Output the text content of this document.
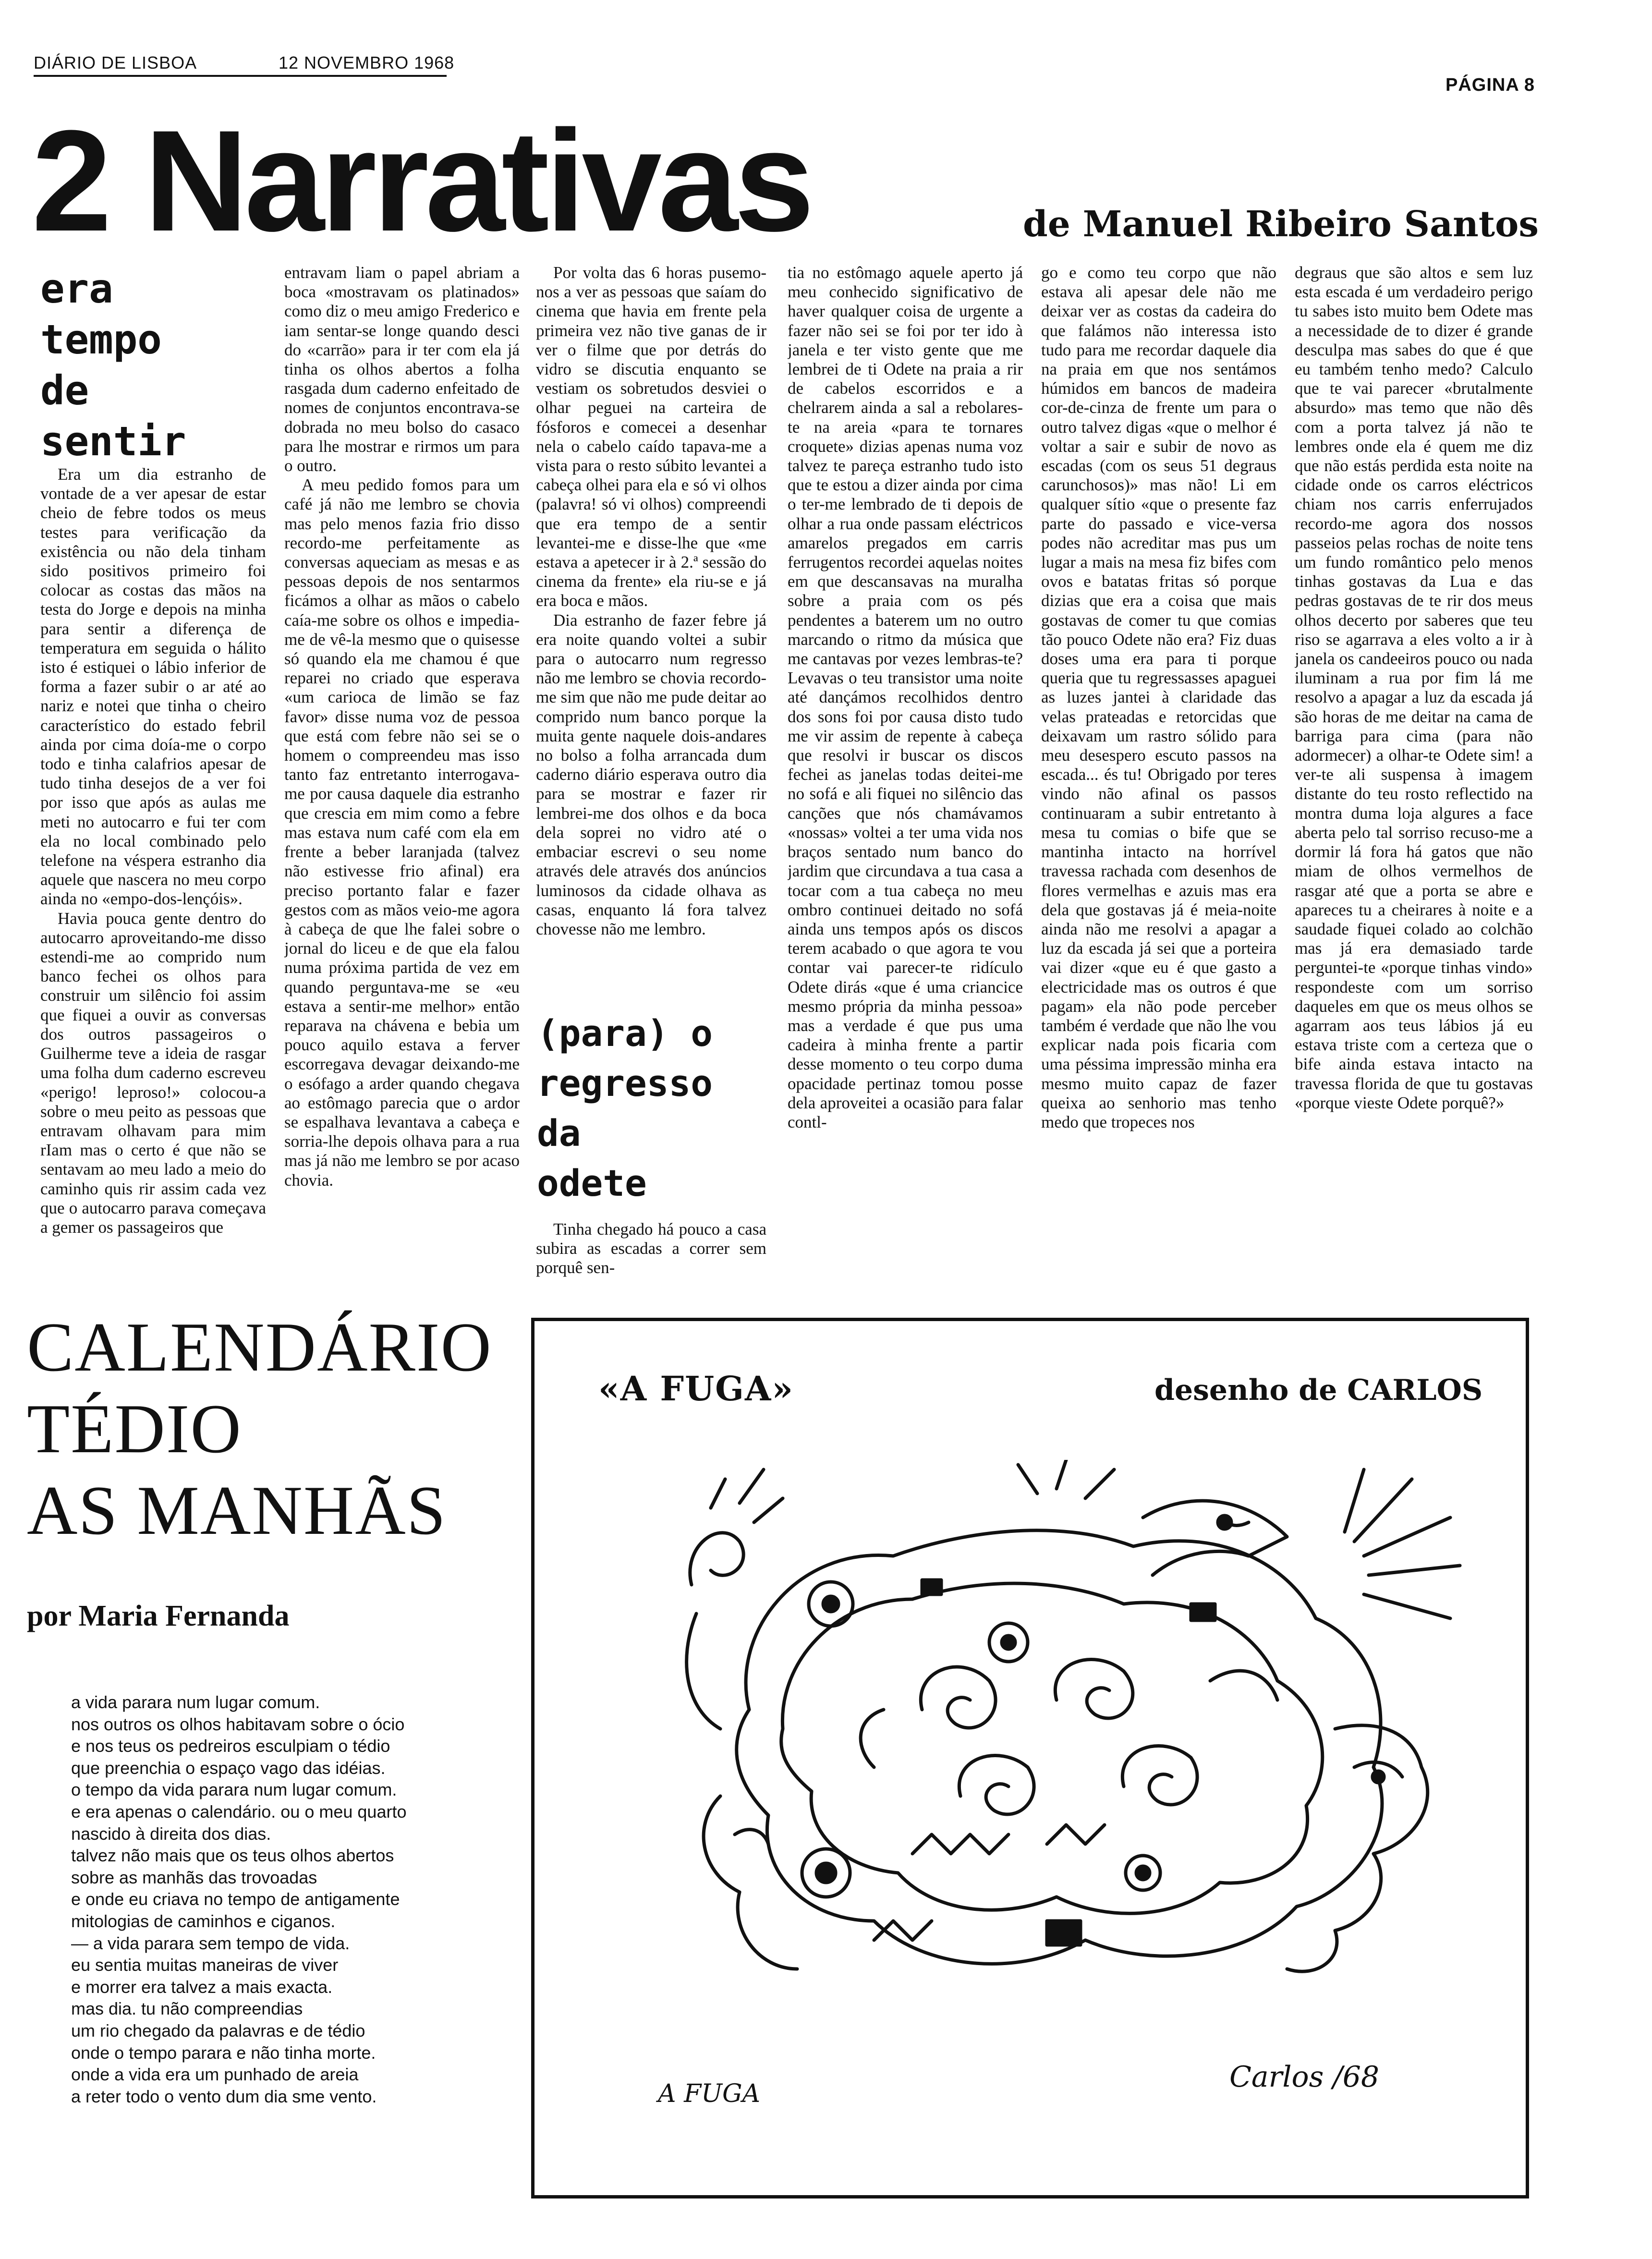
DIÁRIO DE LISBOA	12 NOVEMBRO 1968
PÁGINA 8
2 Narrativas	de Manuel Ribeiro Santos
era
tempo
de
sentir

Era um dia estranho de vontade de a ver apesar de estar cheio de febre todos os meus testes para verificação da existência ou não dela tinham sido positivos primeiro foi colocar as costas das mãos na testa do Jorge e depois na minha para sentir a diferença de temperatura em seguida o hálito isto é estiquei o lábio inferior de forma a fazer subir o ar até ao nariz e notei que tinha o cheiro característico do estado febril ainda por cima doía-me o corpo todo e tinha calafrios apesar de tudo tinha desejos de a ver foi por isso que após as aulas me meti no autocarro e fui ter com ela no local combinado pelo telefone na véspera estranho dia aquele que nascera no meu corpo ainda no «empo-dos-lençóis».

Havia pouca gente dentro do autocarro aproveitando-me disso estendi-me ao comprido num banco fechei os olhos para construir um silêncio foi assim que fiquei a ouvir as conversas dos outros passageiros o Guilherme teve a ideia de rasgar uma folha dum caderno escreveu «perigo! leproso!» colocou-a sobre o meu peito as pessoas que entravam olhavam para mim rIam mas o certo é que não se sentavam ao meu lado a meio do caminho quis rir assim cada vez que o autocarro parava começava a gemer os passageiros que

entravam liam o papel abriam a boca «mostravam os platinados» como diz o meu amigo Frederico e iam sentar-se longe quando desci do «carrão» para ir ter com ela já tinha os olhos abertos a folha rasgada dum caderno enfeitado de nomes de conjuntos encontrava-se dobrada no meu bolso do casaco para lhe mostrar e rirmos um para o outro.

A meu pedido fomos para um café já não me lembro se chovia mas pelo menos fazia frio disso recordo-me perfeitamente as conversas aqueciam as mesas e as pessoas depois de nos sentarmos ficámos a olhar as mãos o cabelo caía-me sobre os olhos e impedia-me de vê-la mesmo que o quisesse só quando ela me chamou é que reparei no criado que esperava «um carioca de limão se faz favor» disse numa voz de pessoa que está com febre não sei se o homem o compreendeu mas isso tanto faz entretanto interrogava-me por causa daquele dia estranho que crescia em mim como a febre mas estava num café com ela em frente a beber laranjada (talvez não estivesse frio afinal) era preciso portanto falar e fazer gestos com as mãos veio-me agora à cabeça de que lhe falei sobre o jornal do liceu e de que ela falou numa próxima partida de vez em quando perguntava-me se «eu estava a sentir-me melhor» então reparava na chávena e bebia um pouco aquilo estava a ferver escorregava devagar deixando-me o esófago a arder quando chegava ao estômago parecia que o ardor se espalhava levantava a cabeça e sorria-lhe depois olhava para a rua mas já não me lembro se por acaso chovia.

Por volta das 6 horas pusemo-nos a ver as pessoas que saíam do cinema que havia em frente pela primeira vez não tive ganas de ir ver o filme que por detrás do vidro se discutia enquanto se vestiam os sobretudos desviei o olhar peguei na carteira de fósforos e comecei a desenhar nela o cabelo caído tapava-me a vista para o resto súbito levantei a cabeça olhei para ela e só vi olhos (palavra! só vi olhos) compreendi que era tempo de a sentir levantei-me e disse-lhe que «me estava a apetecer ir à 2.ª sessão do cinema da frente» ela riu-se e já era boca e mãos.

Dia estranho de fazer febre já era noite quando voltei a subir para o autocarro num regresso não me lembro se chovia recordo-me sim que não me pude deitar ao comprido num banco porque la muita gente naquele dois-andares no bolso a folha arrancada dum caderno diário esperava outro dia para se mostrar e fazer rir lembrei-me dos olhos e da boca dela soprei no vidro até o embaciar escrevi o seu nome através dele através dos anúncios luminosos da cidade olhava as casas, enquanto lá fora talvez chovesse não me lembro.

(para) o
regresso
da
odete

Tinha chegado há pouco a casa subira as escadas a correr sem porquê sen-

tia no estômago aquele aperto já meu conhecido significativo de haver qualquer coisa de urgente a fazer não sei se foi por ter ido à janela e ter visto gente que me lembrei de ti Odete na praia a rir de cabelos escorridos e a chelrarem ainda a sal a rebolares-te na areia «para te tornares croquete» dizias apenas numa voz talvez te pareça estranho tudo isto que te estou a dizer ainda por cima o ter-me lembrado de ti depois de olhar a rua onde passam eléctricos amarelos pregados em carris ferrugentos recordei aquelas noites em que descansavas na muralha sobre a praia com os pés pendentes a baterem um no outro marcando o ritmo da música que me cantavas por vezes lembras-te? Levavas o teu transistor uma noite até dançámos recolhidos dentro dos sons foi por causa disto tudo me vir assim de repente à cabeça que resolvi ir buscar os discos fechei as janelas todas deitei-me no sofá e ali fiquei no silêncio das canções que nós chamávamos «nossas» voltei a ter uma vida nos braços sentado num banco do jardim que circundava a tua casa a tocar com a tua cabeça no meu ombro continuei deitado no sofá ainda uns tempos após os discos terem acabado o que agora te vou contar vai parecer-te ridículo Odete dirás «que é uma criancice mesmo própria da minha pessoa» mas a verdade é que pus uma cadeira à minha frente a partir desse momento o teu corpo duma opacidade pertinaz tomou posse dela aproveitei a ocasião para falar contl-

go e como teu corpo que não estava ali apesar dele não me deixar ver as costas da cadeira do que falámos não interessa isto tudo para me recordar daquele dia na praia em que nos sentámos húmidos em bancos de madeira cor-de-cinza de frente um para o outro talvez digas «que o melhor é voltar a sair e subir de novo as escadas (com os seus 51 degraus carunchosos)» mas não! Li em qualquer sítio «que o presente faz parte do passado e vice-versa podes não acreditar mas pus um lugar a mais na mesa fiz bifes com ovos e batatas fritas só porque dizias que era a coisa que mais gostavas de comer tu que comias tão pouco Odete não era? Fiz duas doses uma era para ti porque queria que tu regressasses apaguei as luzes jantei à claridade das velas prateadas e retorcidas que deixavam um rastro sólido para meu desespero escuto passos na escada... és tu! Obrigado por teres vindo não afinal os passos continuaram a subir entretanto à mesa tu comias o bife que se mantinha intacto na horrível travessa rachada com desenhos de flores vermelhas e azuis mas era dela que gostavas já é meia-noite ainda não me resolvi a apagar a luz da escada já sei que a porteira vai dizer «que eu é que gasto a electricidade mas os outros é que pagam» ela não pode perceber também é verdade que não lhe vou explicar nada pois ficaria com uma péssima impressão minha era mesmo muito capaz de fazer queixa ao senhorio mas tenho medo que tropeces nos

degraus que são altos e sem luz esta escada é um verdadeiro perigo tu sabes isto muito bem Odete mas a necessidade de to dizer é grande desculpa mas sabes do que é que eu também tenho medo? Calculo que te vai parecer «brutalmente absurdo» mas temo que não dês com a porta talvez já não te lembres onde ela é quem me diz que não estás perdida esta noite na cidade onde os carros eléctricos chiam nos carris enferrujados recordo-me agora dos nossos passeios pelas rochas de noite tens um fundo romântico pelo menos tinhas gostavas da Lua e das pedras gostavas de te rir dos meus olhos decerto por saberes que teu riso se agarrava a eles volto a ir à janela os candeeiros pouco ou nada iluminam a rua por fim lá me resolvo a apagar a luz da escada já são horas de me deitar na cama de barriga para cima (para não adormecer) a olhar-te Odete sim! a ver-te ali suspensa à imagem distante do teu rosto reflectido na montra duma loja algures a face aberta pelo tal sorriso recuso-me a dormir lá fora há gatos que não miam de olhos vermelhos de rasgar até que a porta se abre e apareces tu a cheirares à noite e a saudade fiquei colado ao colchão mas já era demasiado tarde perguntei-te «porque tinhas vindo» respondeste com um sorriso daqueles em que os meus olhos se agarram aos teus lábios já eu estava triste com a certeza que o bife ainda estava intacto na travessa florida de que tu gostavas «porque vieste Odete porquê?»

CALENDÁRIO
TÉDIO
AS MANHÃS
por Maria Fernanda
a vida parara num lugar comum.
nos outros os olhos habitavam sobre o ócio
e nos teus os pedreiros esculpiam o tédio
que preenchia o espaço vago das idéias.
o tempo da vida parara num lugar comum.
e era apenas o calendário. ou o meu quarto
nascido à direita dos dias.
talvez não mais que os teus olhos abertos
sobre as manhãs das trovoadas
e onde eu criava no tempo de antigamente
mitologias de caminhos e ciganos.
— a vida parara sem tempo de vida.
eu sentia muitas maneiras de viver
e morrer era talvez a mais exacta.
mas dia. tu não compreendias
um rio chegado da palavras e de tédio
onde o tempo parara e não tinha morte.
onde a vida era um punhado de areia
a reter todo o vento dum dia sme vento.
«A FUGA»	desenho de CARLOS
A FUGA	Carlos /68
